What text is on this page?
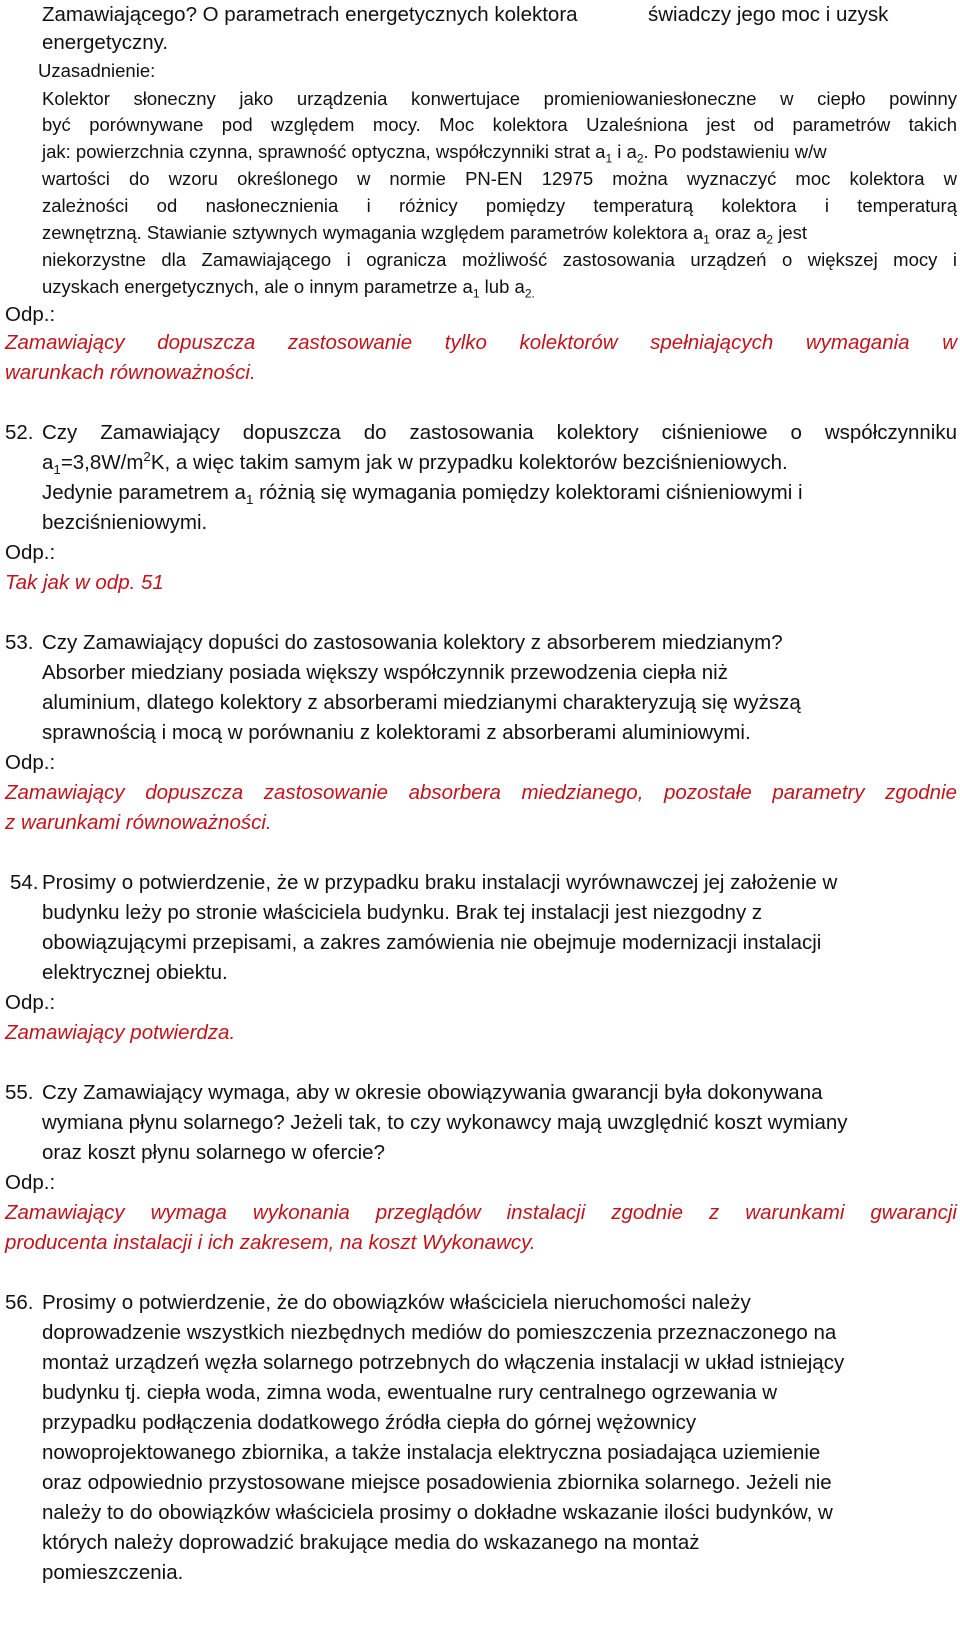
Zamawiającego? O parametrach energetycznych kolektora	świadczy jego moc i uzysk
energetyczny.
Uzasadnienie:
Kolektor słoneczny jako urządzenia konwertujace promieniowaniesłoneczne w ciepło powinny
być porównywane pod względem mocy. Moc kolektora Uzaleśniona jest od parametrów takich
jak: powierzchnia czynna, sprawność optyczna, współczynniki strat $a_1$ i $a_2$. Po podstawieniu w/w
wartości do wzoru określonego w normie PN-EN 12975 można wyznaczyć moc kolektora w
zależności od nasłonecznienia i różnicy pomiędzy temperaturą kolektora i temperaturą
zewnętrzną. Stawianie sztywnych wymagania względem parametrów kolektora $a_1$ oraz $a_2$ jest
niekorzystne dla Zamawiającego i ogranicza możliwość zastosowania urządzeń o większej mocy i
uzyskach energetycznych, ale o innym parametrze $a_1$ lub $a_{2.}$
Odp.:
Zamawiający dopuszcza zastosowanie tylko kolektorów spełniających wymagania w
warunkach równoważności.
52. Czy Zamawiający dopuszcza do zastosowania kolektory ciśnieniowe o współczynniku
$a_1=3,8W/m^2K$, a więc takim samym jak w przypadku kolektorów bezciśnieniowych.
Jedynie parametrem $a_1$ różnią się wymagania pomiędzy kolektorami ciśnieniowymi i
bezciśnieniowymi.
Odp.:
Tak jak w odp. 51
53. Czy Zamawiający dopuści do zastosowania kolektory z absorberem miedzianym?
Absorber miedziany posiada większy współczynnik przewodzenia ciepła niż
aluminium, dlatego kolektory z absorberami miedzianymi charakteryzują się wyższą
sprawnością i mocą w porównaniu z kolektorami z absorberami aluminiowymi.
Odp.:
Zamawiający dopuszcza zastosowanie absorbera miedzianego, pozostałe parametry zgodnie
z warunkami równoważności.
54. Prosimy o potwierdzenie, że w przypadku braku instalacji wyrównawczej jej założenie w
budynku leży po stronie właściciela budynku. Brak tej instalacji jest niezgodny z
obowiązującymi przepisami, a zakres zamówienia nie obejmuje modernizacji instalacji
elektrycznej obiektu.
Odp.:
Zamawiający potwierdza.
55. Czy Zamawiający wymaga, aby w okresie obowiązywania gwarancji była dokonywana
wymiana płynu solarnego? Jeżeli tak, to czy wykonawcy mają uwzględnić koszt wymiany
oraz koszt płynu solarnego w ofercie?
Odp.:
Zamawiający wymaga wykonania przeglądów instalacji zgodnie z warunkami gwarancji
producenta instalacji i ich zakresem, na koszt Wykonawcy.
56. Prosimy o potwierdzenie, że do obowiązków właściciela nieruchomości należy
doprowadzenie wszystkich niezbędnych mediów do pomieszczenia przeznaczonego na
montaż urządzeń węzła solarnego potrzebnych do włączenia instalacji w układ istniejący
budynku tj. ciepła woda, zimna woda, ewentualne rury centralnego ogrzewania w
przypadku podłączenia dodatkowego źródła ciepła do górnej wężownicy
nowoprojektowanego zbiornika, a także instalacja elektryczna posiadająca uziemienie
oraz odpowiednio przystosowane miejsce posadowienia zbiornika solarnego. Jeżeli nie
należy to do obowiązków właściciela prosimy o dokładne wskazanie ilości budynków, w
których należy doprowadzić brakujące media do wskazanego na montaż
pomieszczenia.
